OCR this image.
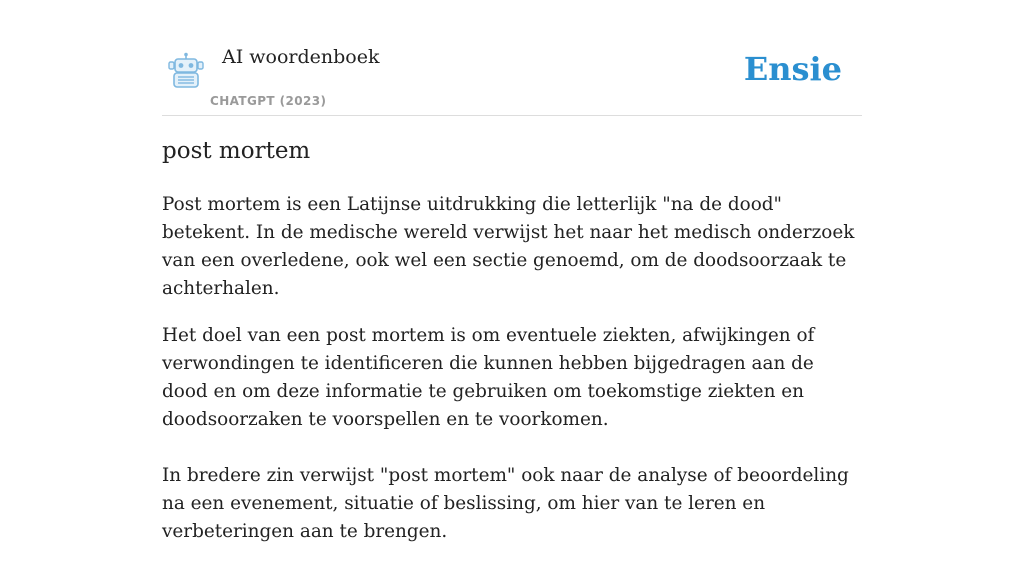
AI woordenboek
CHATGPT (2023)
Ensie
post mortem

Post mortem is een Latijnse uitdrukking die letterlijk "na de dood" betekent. In de medische wereld verwijst het naar het medisch onderzoek van een overledene, ook wel een sectie genoemd, om de doodsoorzaak te achterhalen.

Het doel van een post mortem is om eventuele ziekten, afwijkingen of verwondingen te identificeren die kunnen hebben bijgedragen aan de dood en om deze informatie te gebruiken om toekomstige ziekten en doodsoorzaken te voorspellen en te voorkomen.

In bredere zin verwijst "post mortem" ook naar de analyse of beoordeling na een evenement, situatie of beslissing, om hier van te leren en verbeteringen aan te brengen.
